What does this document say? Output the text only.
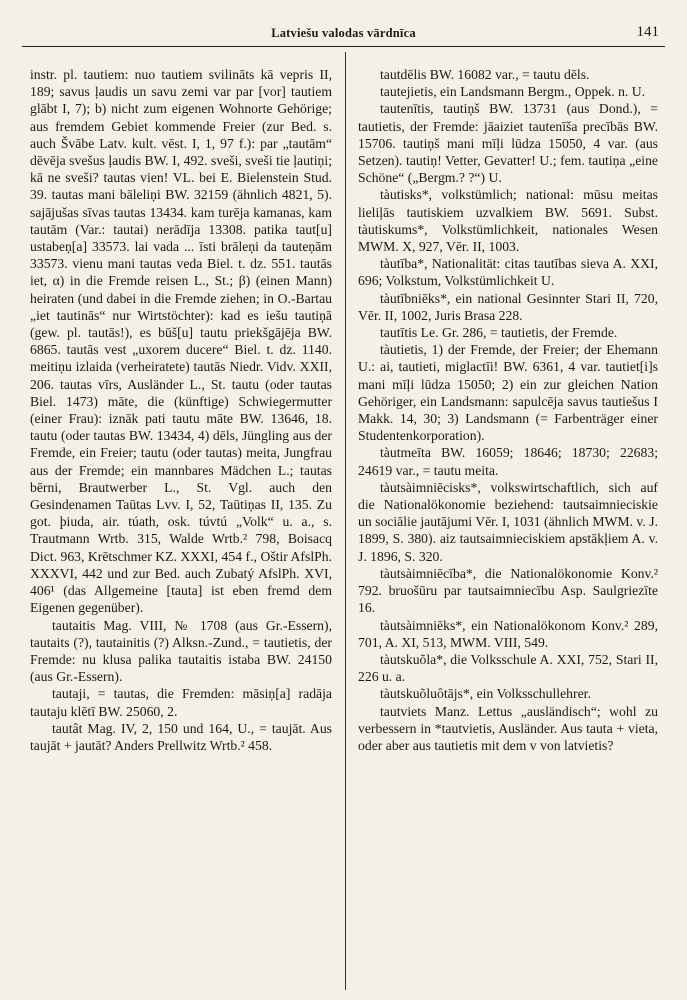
Latviešu valodas vārdnīca	141

instr. pl. tautiem: nuo tautiem svilināts kā vepris II, 189; savus ļaudis un savu zemi var par [vor] tautiem glābt I, 7); b) nicht zum eigenen Wohnorte Gehörige; aus fremdem Gebiet kommende Freier (zur Bed. s. auch Švābe Latv. kult. vēst. I, 1, 97 f.): par „tautām“ dēvēja svešus ļaudis BW. I, 492. sveši, sveši tie ļautiņi; kā ne sveši? tautas vien! VL. bei E. Bielenstein Stud. 39. tautas mani bāleliņi BW. 32159 (ähnlich 4821, 5). sajājušas sīvas tautas 13434. kam turēja kamanas, kam tautām (Var.: tautai) nerādīja 13308. patika taut[u] ustabeņ[a] 33573. lai vada ... īsti brāleņi da tauteņām 33573. vienu mani tautas veda Biel. t. dz. 551. tautās iet, α) in die Fremde reisen L., St.; β) (einen Mann) heiraten (und dabei in die Fremde ziehen; in O.-Bartau „iet tautinās“ nur Wirtstöchter): kad es iešu tautiņā (gew. pl. tautās!), es būš[u] tautu priekšgājēja BW. 6865. tautās vest „uxorem ducere“ Biel. t. dz. 1140. meitiņu izlaida (verheiratete) tautās Niedr. Vidv. XXII, 206. tautas vīrs, Ausländer L., St. tautu (oder tautas Biel. 1473) māte, die (künftige) Schwiegermutter (einer Frau): iznāk pati tautu māte BW. 13646, 18. tautu (oder tautas BW. 13434, 4) dēls, Jüngling aus der Fremde, ein Freier; tautu (oder tautas) meita, Jungfrau aus der Fremde; ein mannbares Mädchen L.; tautas bērni, Brautwerber L., St. Vgl. auch den Gesindenamen Taūtas Lvv. I, 52, Taūtiņas II, 135. Zu got. þiuda, air. túath, osk. túvtú „Volk“ u. a., s. Trautmann Wrtb. 315, Walde Wrtb.² 798, Boisacq Dict. 963, Krētschmer KZ. XXXI, 454 f., Oštir AfslPh. XXXVI, 442 und zur Bed. auch Zubatý AfslPh. XVI, 406¹ (das Allgemeine [tauta] ist eben fremd dem Eigenen gegenüber).

tautaitis Mag. VIII, № 1708 (aus Gr.-Essern), tautaits (?), tautainitis (?) Alksn.-Zund., = tautietis, der Fremde: nu klusa palika tautaitis istaba BW. 24150 (aus Gr.-Essern).

tautaji, = tautas, die Fremden: māsiņ[a] radāja tautaju klētī BW. 25060, 2.

tautât Mag. IV, 2, 150 und 164, U., = taujāt. Aus taujāt + jautāt? Anders Prellwitz Wrtb.² 458.

tautdēlis BW. 16082 var., = tautu dēls.

tautejietis, ein Landsmann Bergm., Oppek. n. U.

tautenītis, tautiņš BW. 13731 (aus Dond.), = tautietis, der Fremde: jāaiziet tautenīša precībās BW. 15706. tautiņš mani mīļi lūdza 15050, 4 var. (aus Setzen). tautiņ! Vetter, Gevatter! U.; fem. tautiņa „eine Schöne“ („Bergm.? ?“) U.

tàutisks*, volkstümlich; national: mūsu meitas lieliļās tautiskiem uzvalkiem BW. 5691. Subst. tàutiskums*, Volkstümlichkeit, nationales Wesen MWM. X, 927, Vēr. II, 1003.

tàutība*, Nationalität: citas tautības sieva A. XXI, 696; Volkstum, Volkstümlichkeit U.

tàutībniēks*, ein national Gesinnter Stari II, 720, Vēr. II, 1002, Juris Brasa 228.

tautītis Le. Gr. 286, = tautietis, der Fremde.

tàutietis, 1) der Fremde, der Freier; der Ehemann U.: ai, tautieti, miglactīi! BW. 6361, 4 var. tautiet[i]s mani mīļi lūdza 15050; 2) ein zur gleichen Nation Gehöriger, ein Landsmann: sapulcēja savus tautiešus I Makk. 14, 30; 3) Landsmann (= Farbenträger einer Studentenkorporation).

tàutmeīta BW. 16059; 18646; 18730; 22683; 24619 var., = tautu meita.

tàutsàimniēcisks*, volkswirtschaftlich, sich auf die Nationalökonomie beziehend: tautsaimnieciskie un sociālie jautājumi Vēr. I, 1031 (ähnlich MWM. v. J. 1899, S. 380). aiz tautsaimnieciskiem apstākļiem A. v. J. 1896, S. 320.

tàutsàimniēcība*, die Nationalökonomie Konv.² 792. bruošūru par tautsaimniecību Asp. Saulgriezīte 16.

tàutsàimniēks*, ein Nationalökonom Konv.² 289, 701, A. XI, 513, MWM. VIII, 549.

tàutskuõla*, die Volksschule A. XXI, 752, Stari II, 226 u. a.

tàutskuõluôtājs*, ein Volksschullehrer.

tautviets Manz. Lettus „ausländisch“; wohl zu verbessern in *tautvietis, Ausländer. Aus tauta + vieta, oder aber aus tautietis mit dem v von latvietis?
